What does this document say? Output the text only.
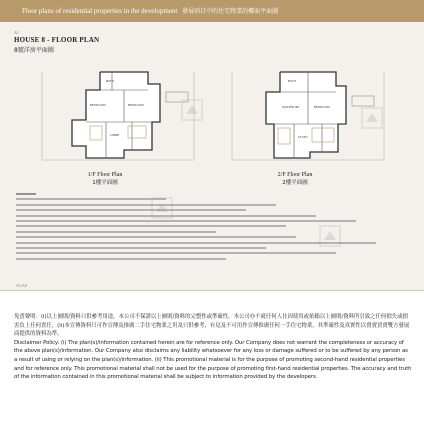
Floor plans of residential properties in the development 發展項目中的住宅物業的樓面平面圖
A1
HOUSE 8 - FLOOR PLAN
8號洋房平面圖
BEDROOM	BEDROOM
LOBBY
BATH
MASTER BR	BEDROOM
STUDY
BATH
1/F Floor Plan
1樓平面圖
2/F Floor Plan
2樓平面圖
A1/A8

免責聲明：(i)以上圖則/資料只供參考用途，本公司不保證以上圖則/資料的完整性或準確性，本公司亦不就任何人仕因使用或依賴以上圖則/資料所引致之任何損失或損害負上任何責任。(ii)本宣傳資料只可作宣傳及推廣二手住宅物業之用及只供參考，有見及不可用作宣傳推廣任何一手住宅物業，其準確性及真實性以賣賣買賣雙方發展商提供的資料為準。

Disclaimer Policy: (i) The plan(s)/information contained herein are for reference only. Our Company does not warrant the completeness or accuracy of the above plan(s)/information. Our Company also disclaims any liability whatsoever for any loss or damage suffered or to be suffered by any person as a result of using or relying on the plan(s)/information. (ii) This promotional material is for the purpose of promoting second-hand residential properties and for reference only. This promotional material shall not be used for the purpose of promoting first-hand residential properties. The accuracy and truth of the information contained in this promotional material shall be subject to information provided by the developers.
